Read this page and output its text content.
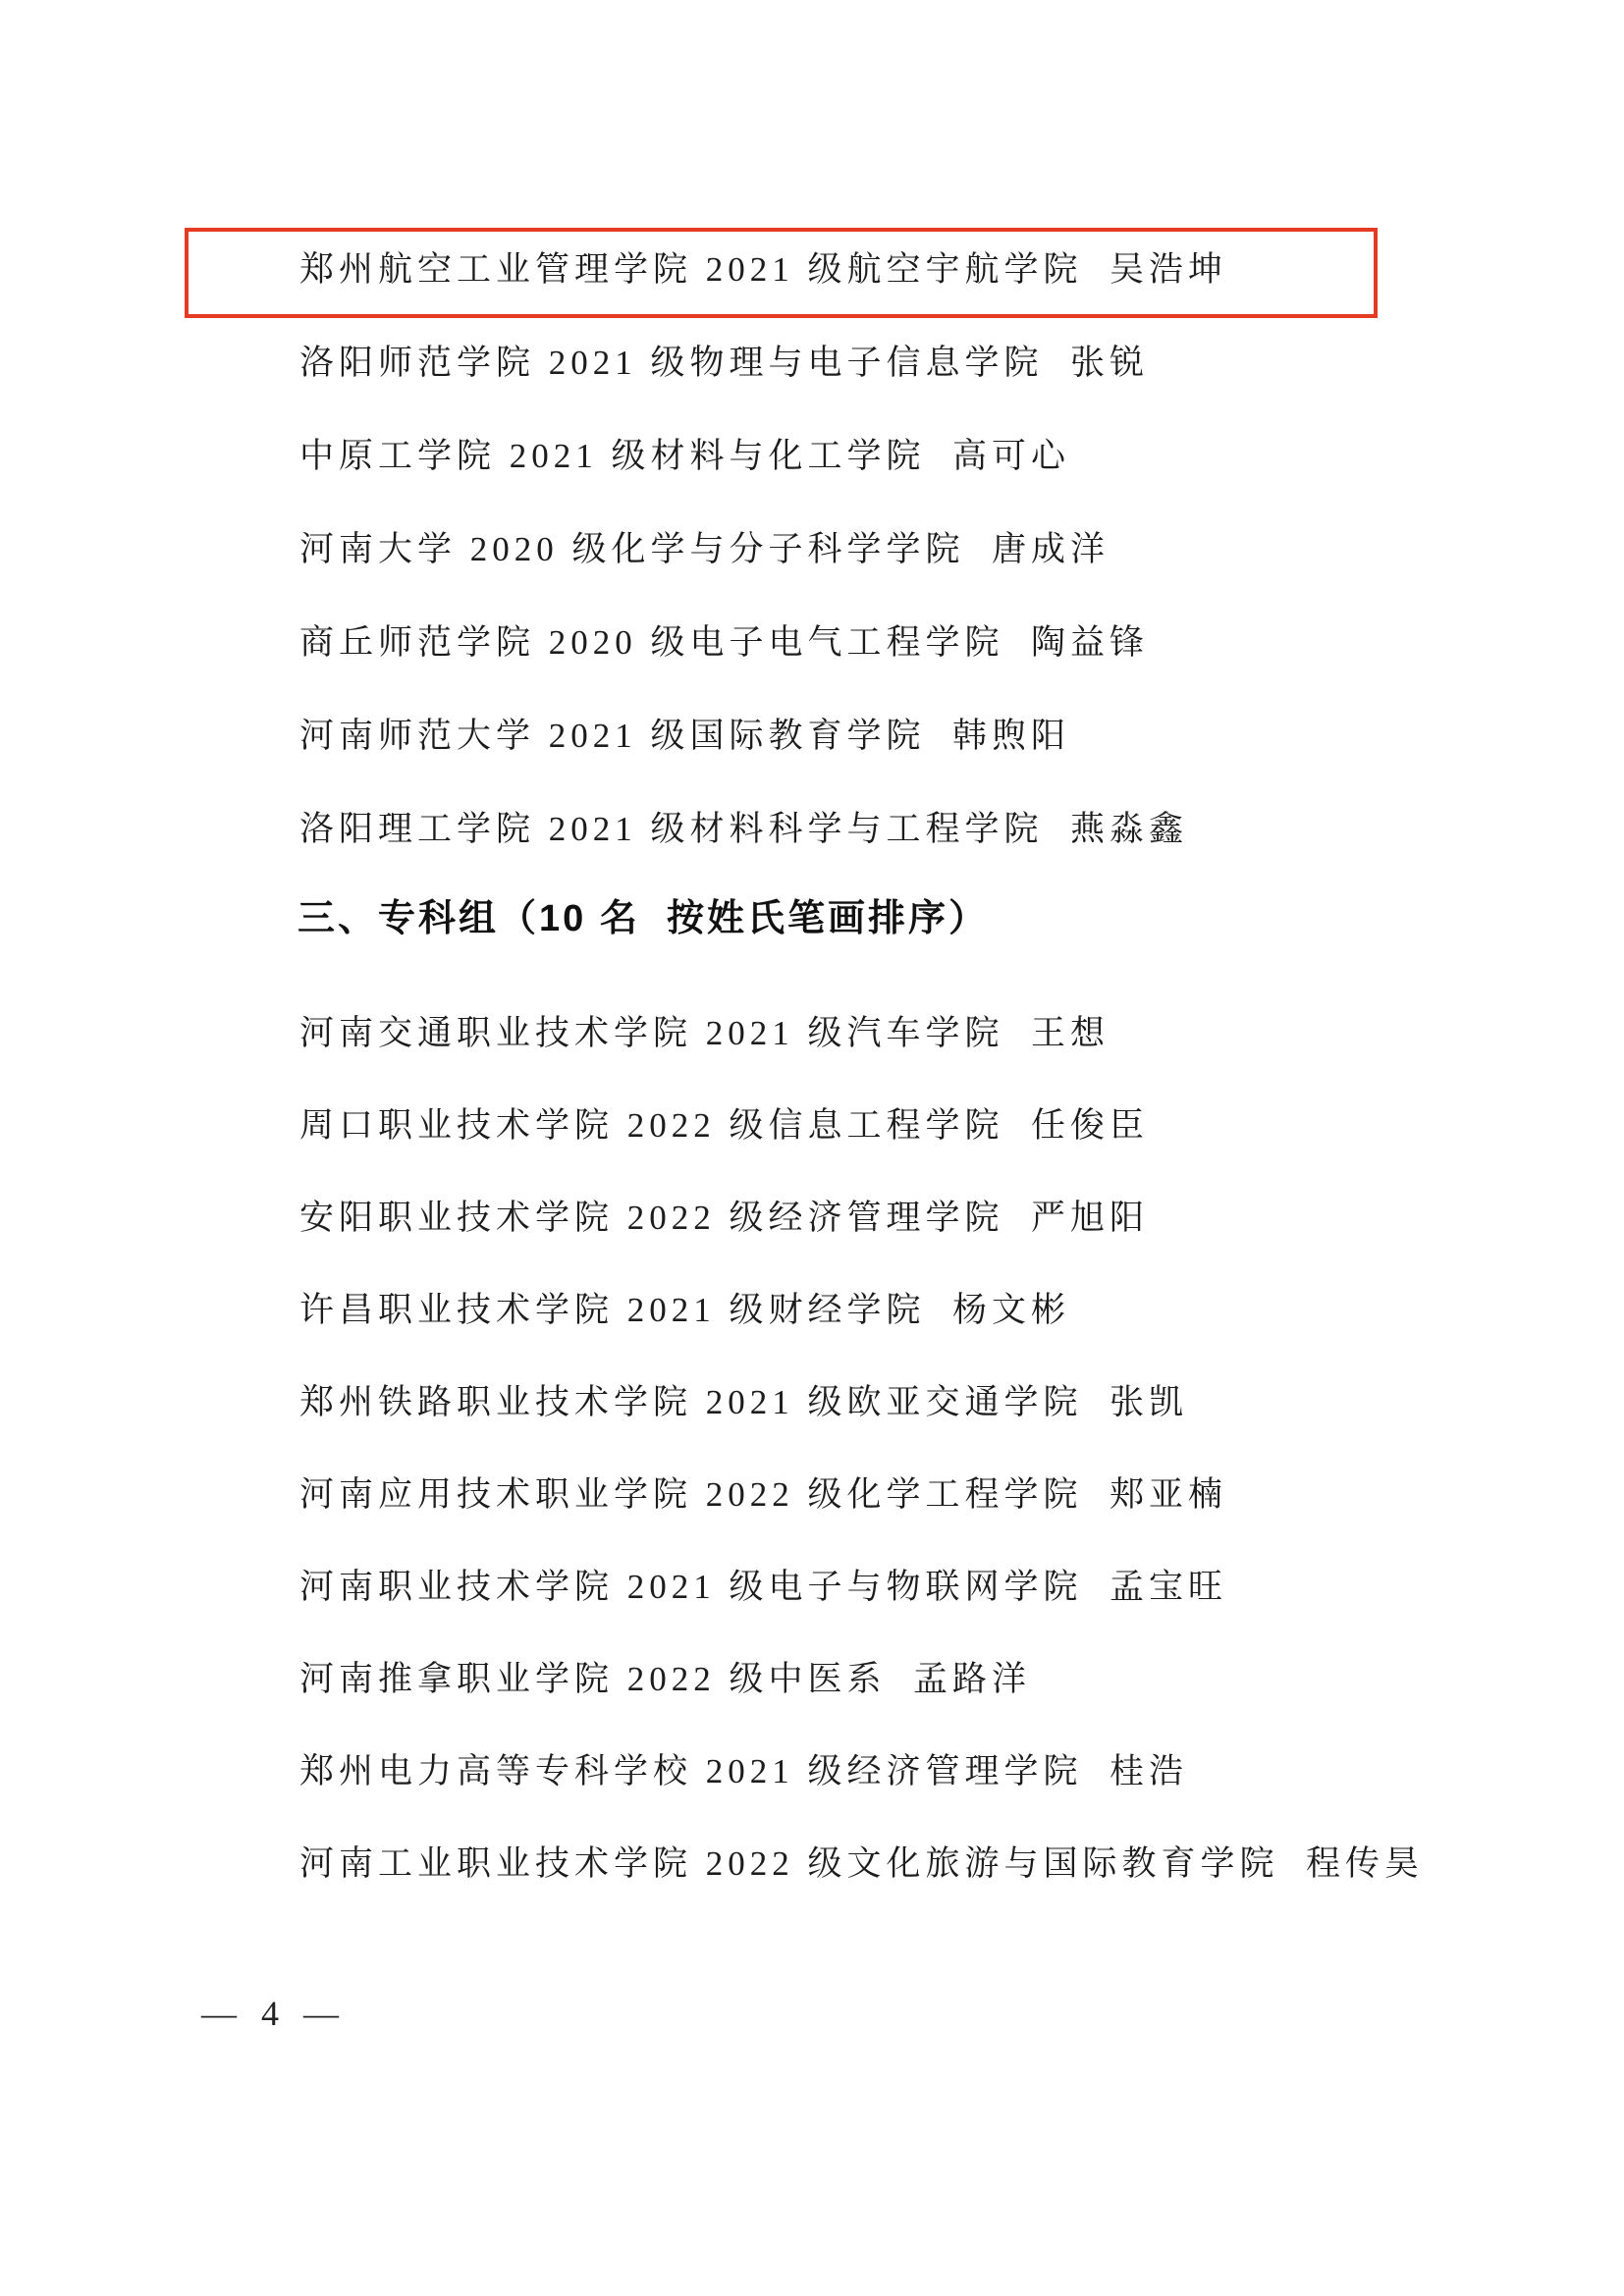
郑州航空工业管理学院 2021 级航空宇航学院  吴浩坤
洛阳师范学院 2021 级物理与电子信息学院  张锐
中原工学院 2021 级材料与化工学院  高可心
河南大学 2020 级化学与分子科学学院  唐成洋
商丘师范学院 2020 级电子电气工程学院  陶益锋
河南师范大学 2021 级国际教育学院  韩煦阳
洛阳理工学院 2021 级材料科学与工程学院  燕淼鑫
三、专科组（10 名  按姓氏笔画排序）
河南交通职业技术学院 2021 级汽车学院  王想
周口职业技术学院 2022 级信息工程学院  任俊臣
安阳职业技术学院 2022 级经济管理学院  严旭阳
许昌职业技术学院 2021 级财经学院  杨文彬
郑州铁路职业技术学院 2021 级欧亚交通学院  张凯
河南应用技术职业学院 2022 级化学工程学院  郏亚楠
河南职业技术学院 2021 级电子与物联网学院  孟宝旺
河南推拿职业学院 2022 级中医系  孟路洋
郑州电力高等专科学校 2021 级经济管理学院  桂浩
河南工业职业技术学院 2022 级文化旅游与国际教育学院  程传昊
— 4 —
